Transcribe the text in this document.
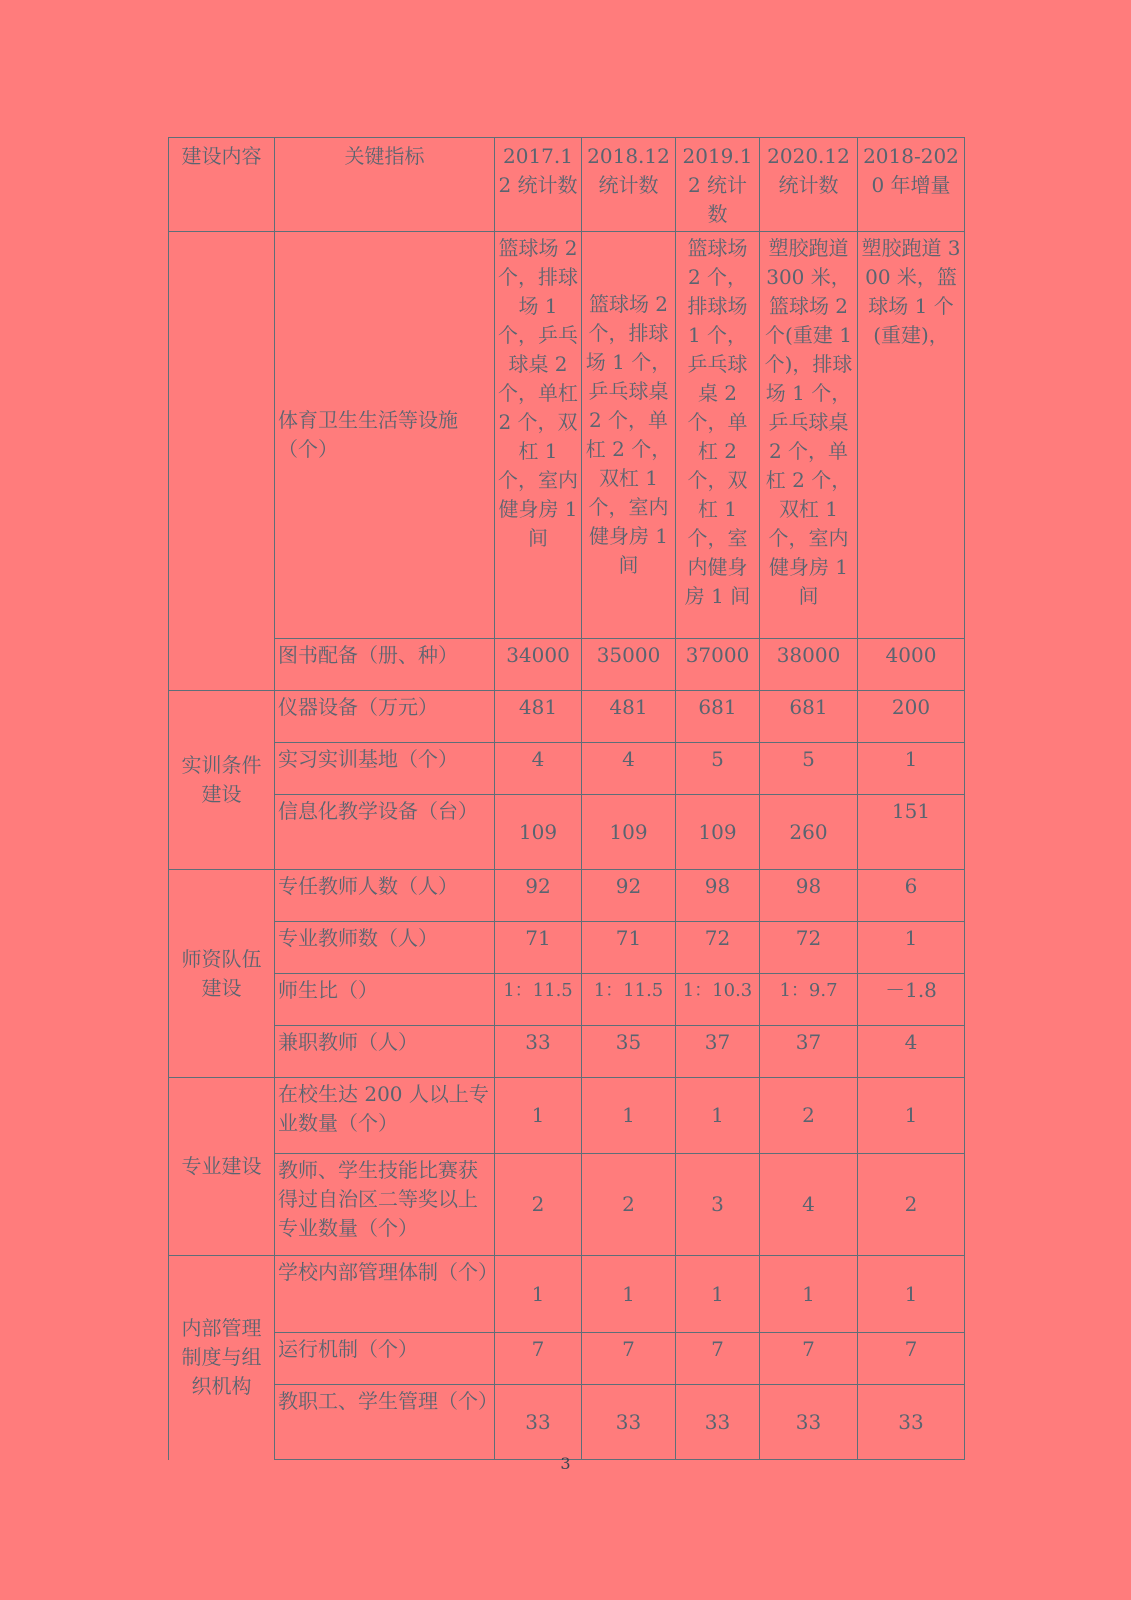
建设内容	关键指标	2017.12 统计数	2018.12 统计数	2019.12 统计数	2020.12 统计数	2018-2020 年增量
	体育卫生生活等设施（个）	篮球场 2 个，排球场 1 个，乒乓球桌 2 个，单杠 2 个，双杠 1 个，室内健身房 1 间	篮球场 2 个，排球场 1 个，乒乓球桌 2 个，单杠 2 个，双杠 1 个，室内健身房 1 间	篮球场 2 个，排球场 1 个，乒乓球桌 2 个，单杠 2 个，双杠 1 个，室内健身房 1 间	塑胶跑道 300 米，篮球场 2 个(重建 1 个)，排球场 1 个，乒乓球桌 2 个，单杠 2 个，双杠 1 个，室内健身房 1 间	塑胶跑道 300 米，篮球场 1 个(重建)，
	图书配备（册、种）	34000	35000	37000	38000	4000
实训条件建设	仪器设备（万元）	481	481	681	681	200
	实习实训基地（个）	4	4	5	5	1
	信息化教学设备（台）	109	109	109	260	151
师资队伍建设	专任教师人数（人）	92	92	98	98	6
	专业教师数（人）	71	71	72	72	1
	师生比（）	1：11.5	1：11.5	1：10.3	1：9.7	－1.8
	兼职教师（人）	33	35	37	37	4
专业建设	在校生达 200 人以上专业数量（个）	1	1	1	2	1
	教师、学生技能比赛获得过自治区二等奖以上专业数量（个）	2	2	3	4	2
内部管理制度与组织机构	学校内部管理体制（个）	1	1	1	1	1
	运行机制（个）	7	7	7	7	7
	教职工、学生管理（个）	33	33	33	33	33
3
